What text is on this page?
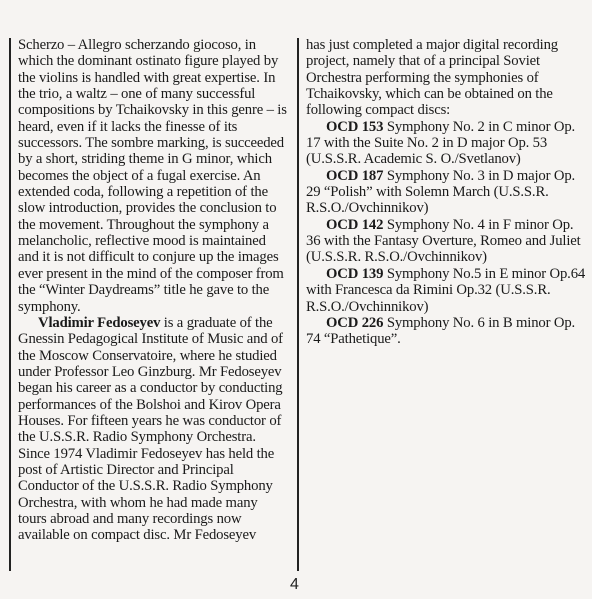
Scherzo – Allegro scherzando giocoso, in which the dominant ostinato figure played by the violins is handled with great expertise. In the trio, a waltz – one of many successful compositions by Tchaikovsky in this genre – is heard, even if it lacks the finesse of its successors. The sombre marking, is succeeded by a short, striding theme in G minor, which becomes the object of a fugal exercise. An extended coda, following a repetition of the slow introduction, provides the conclusion to the movement. Throughout the symphony a melancholic, reflective mood is maintained and it is not difficult to conjure up the images ever present in the mind of the composer from the “Winter Daydreams” title he gave to the symphony.

Vladimir Fedoseyev is a graduate of the Gnessin Pedagogical Institute of Music and of the Moscow Conservatoire, where he studied under Professor Leo Ginzburg. Mr Fedoseyev began his career as a conductor by conducting performances of the Bolshoi and Kirov Opera Houses. For fifteen years he was conductor of the U.S.S.R. Radio Symphony Orchestra. Since 1974 Vladimir Fedoseyev has held the post of Artistic Director and Principal Conductor of the U.S.S.R. Radio Symphony Orchestra, with whom he had made many tours abroad and many recordings now available on compact disc. Mr Fedoseyev

has just completed a major digital recording project, namely that of a principal Soviet Orchestra performing the symphonies of Tchaikovsky, which can be obtained on the following compact discs:

OCD 153 Symphony No. 2 in C minor Op. 17 with the Suite No. 2 in D major Op. 53 (U.S.S.R. Academic S. O./Svetlanov)

OCD 187 Symphony No. 3 in D major Op. 29 “Polish” with Solemn March (U.S.S.R. R.S.O./Ovchinnikov)

OCD 142 Symphony No. 4 in F minor Op. 36 with the Fantasy Overture, Romeo and Juliet (U.S.S.R. R.S.O./Ovchinnikov)

OCD 139 Symphony No.5 in E minor Op.64 with Francesca da Rimini Op.32 (U.S.S.R. R.S.O./Ovchinnikov)

OCD 226 Symphony No. 6 in B minor Op. 74 “Pathetique”.

4
